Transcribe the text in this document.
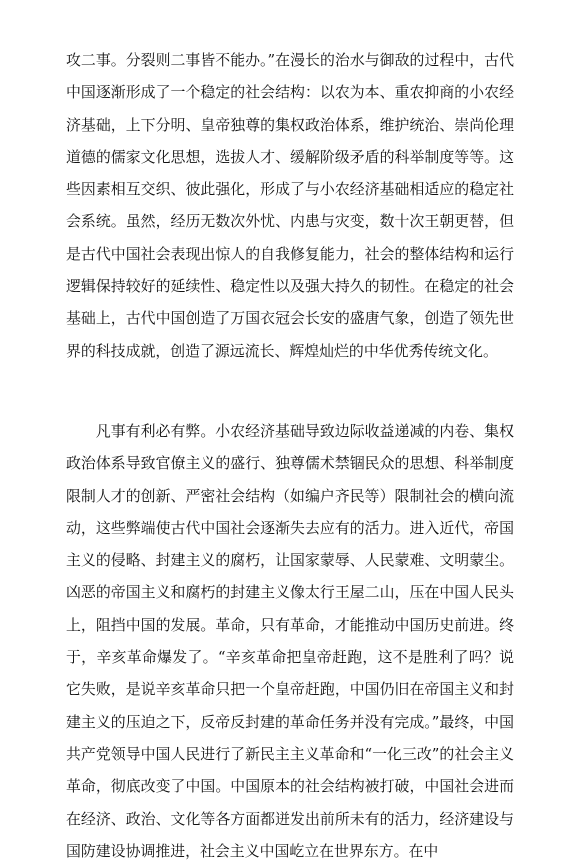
攻二事。分裂则二事皆不能办。”在漫长的治水与御敌的过程中，古代中国逐渐形成了一个稳定的社会结构：以农为本、重农抑商的小农经济基础，上下分明、皇帝独尊的集权政治体系，维护统治、崇尚伦理道德的儒家文化思想，选拔人才、缓解阶级矛盾的科举制度等等。这些因素相互交织、彼此强化，形成了与小农经济基础相适应的稳定社会系统。虽然，经历无数次外忧、内患与灾变，数十次王朝更替，但是古代中国社会表现出惊人的自我修复能力，社会的整体结构和运行逻辑保持较好的延续性、稳定性以及强大持久的韧性。在稳定的社会基础上，古代中国创造了万国衣冠会长安的盛唐气象，创造了领先世界的科技成就，创造了源远流长、辉煌灿烂的中华优秀传统文化。

凡事有利必有弊。小农经济基础导致边际收益递减的内卷、集权政治体系导致官僚主义的盛行、独尊儒术禁锢民众的思想、科举制度限制人才的创新、严密社会结构（如编户齐民等）限制社会的横向流动，这些弊端使古代中国社会逐渐失去应有的活力。进入近代，帝国主义的侵略、封建主义的腐朽，让国家蒙辱、人民蒙难、文明蒙尘。凶恶的帝国主义和腐朽的封建主义像太行王屋二山，压在中国人民头上，阻挡中国的发展。革命，只有革命，才能推动中国历史前进。终于，辛亥革命爆发了。“辛亥革命把皇帝赶跑，这不是胜利了吗？说它失败，是说辛亥革命只把一个皇帝赶跑，中国仍旧在帝国主义和封建主义的压迫之下，反帝反封建的革命任务并没有完成。”最终，中国共产党领导中国人民进行了新民主主义革命和“一化三改”的社会主义革命，彻底改变了中国。中国原本的社会结构被打破，中国社会进而在经济、政治、文化等各方面都迸发出前所未有的活力，经济建设与国防建设协调推进，社会主义中国屹立在世界东方。在中
